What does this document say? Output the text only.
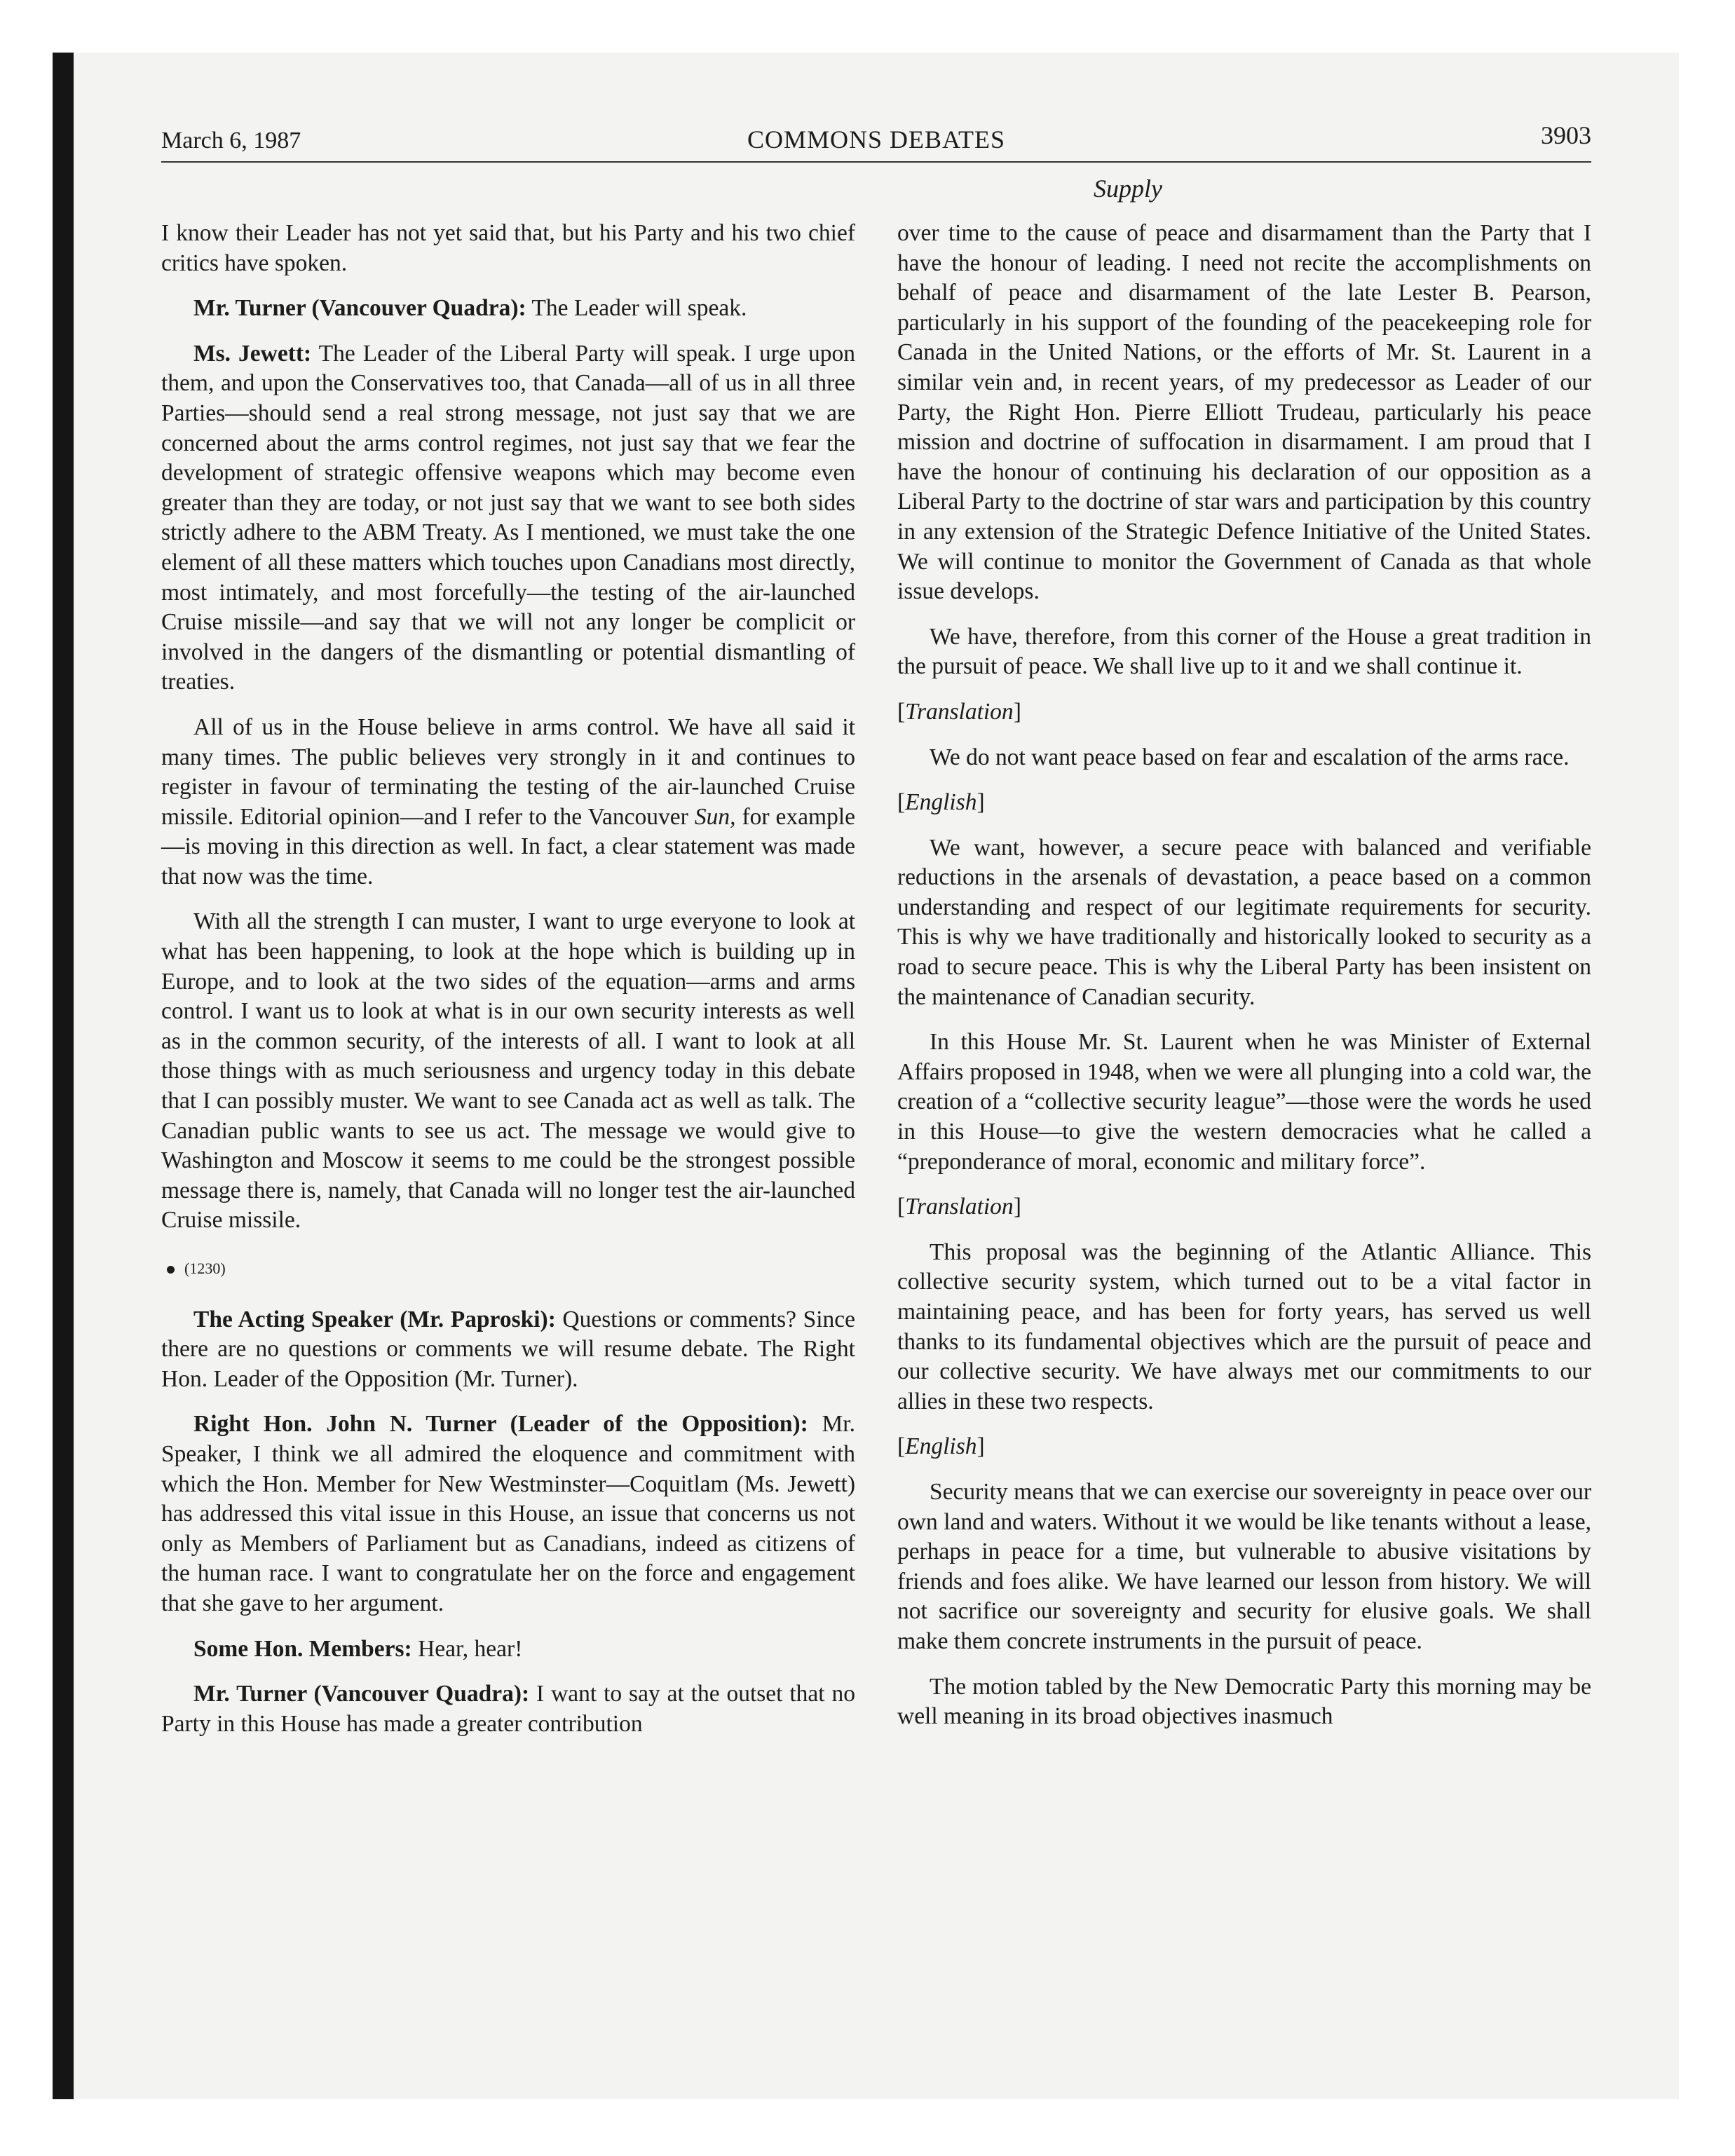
March 6, 1987	COMMONS DEBATES	3903
Supply

I know their Leader has not yet said that, but his Party and his two chief critics have spoken.

Mr. Turner (Vancouver Quadra): The Leader will speak.

Ms. Jewett: The Leader of the Liberal Party will speak. I urge upon them, and upon the Conservatives too, that Canada—all of us in all three Parties—should send a real strong message, not just say that we are concerned about the arms control regimes, not just say that we fear the development of strategic offensive weapons which may become even greater than they are today, or not just say that we want to see both sides strictly adhere to the ABM Treaty. As I mentioned, we must take the one element of all these matters which touches upon Canadians most directly, most intimately, and most forcefully—the testing of the air-launched Cruise missile—and say that we will not any longer be complicit or involved in the dangers of the dismantling or potential dismantling of treaties.

All of us in the House believe in arms control. We have all said it many times. The public believes very strongly in it and continues to register in favour of terminating the testing of the air-launched Cruise missile. Editorial opinion—and I refer to the Vancouver Sun, for example—is moving in this direction as well. In fact, a clear statement was made that now was the time.

With all the strength I can muster, I want to urge everyone to look at what has been happening, to look at the hope which is building up in Europe, and to look at the two sides of the equation—arms and arms control. I want us to look at what is in our own security interests as well as in the common security, of the interests of all. I want to look at all those things with as much seriousness and urgency today in this debate that I can possibly muster. We want to see Canada act as well as talk. The Canadian public wants to see us act. The message we would give to Washington and Moscow it seems to me could be the strongest possible message there is, namely, that Canada will no longer test the air-launched Cruise missile.

(1230)

The Acting Speaker (Mr. Paproski): Questions or comments? Since there are no questions or comments we will resume debate. The Right Hon. Leader of the Opposition (Mr. Turner).

Right Hon. John N. Turner (Leader of the Opposition): Mr. Speaker, I think we all admired the eloquence and commitment with which the Hon. Member for New Westminster—Coquitlam (Ms. Jewett) has addressed this vital issue in this House, an issue that concerns us not only as Members of Parliament but as Canadians, indeed as citizens of the human race. I want to congratulate her on the force and engagement that she gave to her argument.

Some Hon. Members: Hear, hear!

Mr. Turner (Vancouver Quadra): I want to say at the outset that no Party in this House has made a greater contribution

over time to the cause of peace and disarmament than the Party that I have the honour of leading. I need not recite the accomplishments on behalf of peace and disarmament of the late Lester B. Pearson, particularly in his support of the founding of the peacekeeping role for Canada in the United Nations, or the efforts of Mr. St. Laurent in a similar vein and, in recent years, of my predecessor as Leader of our Party, the Right Hon. Pierre Elliott Trudeau, particularly his peace mission and doctrine of suffocation in disarmament. I am proud that I have the honour of continuing his declaration of our opposition as a Liberal Party to the doctrine of star wars and participation by this country in any extension of the Strategic Defence Initiative of the United States. We will continue to monitor the Government of Canada as that whole issue develops.

We have, therefore, from this corner of the House a great tradition in the pursuit of peace. We shall live up to it and we shall continue it.

[Translation]

We do not want peace based on fear and escalation of the arms race.

[English]

We want, however, a secure peace with balanced and verifiable reductions in the arsenals of devastation, a peace based on a common understanding and respect of our legitimate requirements for security. This is why we have traditionally and historically looked to security as a road to secure peace. This is why the Liberal Party has been insistent on the maintenance of Canadian security.

In this House Mr. St. Laurent when he was Minister of External Affairs proposed in 1948, when we were all plunging into a cold war, the creation of a “collective security league”—those were the words he used in this House—to give the western democracies what he called a “preponderance of moral, economic and military force”.

[Translation]

This proposal was the beginning of the Atlantic Alliance. This collective security system, which turned out to be a vital factor in maintaining peace, and has been for forty years, has served us well thanks to its fundamental objectives which are the pursuit of peace and our collective security. We have always met our commitments to our allies in these two respects.

[English]

Security means that we can exercise our sovereignty in peace over our own land and waters. Without it we would be like tenants without a lease, perhaps in peace for a time, but vulnerable to abusive visitations by friends and foes alike. We have learned our lesson from history. We will not sacrifice our sovereignty and security for elusive goals. We shall make them concrete instruments in the pursuit of peace.

The motion tabled by the New Democratic Party this morning may be well meaning in its broad objectives inasmuch
